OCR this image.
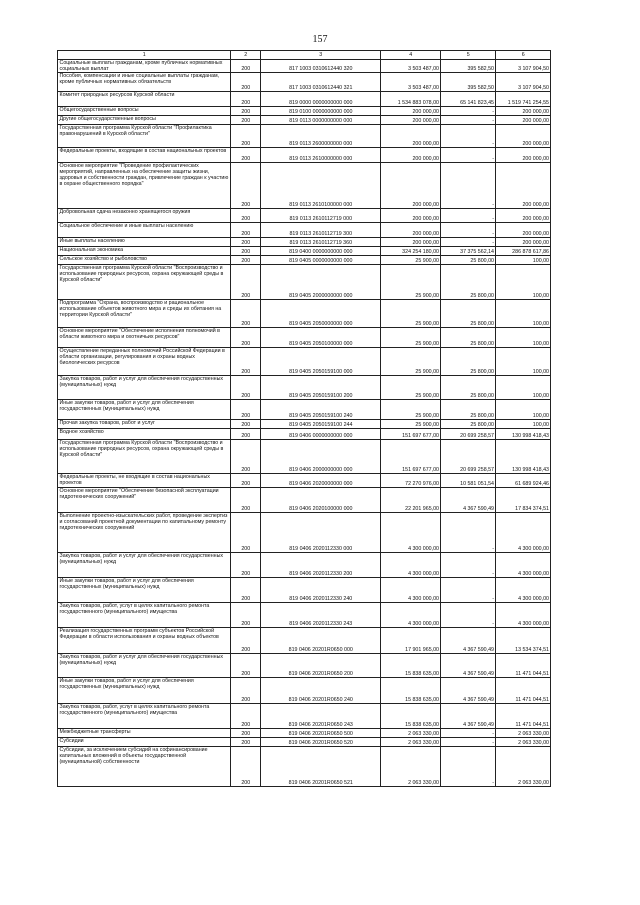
157
.	.
1	2	3	4	5	6
Социальные выплаты гражданам, кроме публичных нормативных социальных выплат	200	817 1003 0310612440 320	3 503 487,00	395 582,50	3 107 904,50
Пособия, компенсации и иные социальные выплаты гражданам, кроме публичных нормативных обязательств	200	817 1003 0310612440 321	3 503 487,00	395 582,50	3 107 904,50
Комитет природных ресурсов Курской области	200	819 0000 0000000000 000	1 534 883 078,00	65 141 823,45	1 519 741 254,55
Общегосударственные вопросы	200	819 0100 0000000000 000	200 000,00	-	200 000,00
Другие общегосударственные вопросы	200	819 0113 0000000000 000	200 000,00	-	200 000,00
Государственная программа Курской области "Профилактика правонарушений в Курской области"	200	819 0113 2600000000 000	200 000,00	-	200 000,00
Федеральные проекты, входящие в состав национальных проектов	200	819 0113 2610000000 000	200 000,00	-	200 000,00
Основное мероприятие "Проведение профилактических мероприятий, направленных на обеспечение защиты жизни, здоровья и собственности граждан, привлечение граждан к участию в охране общественного порядка"	200	819 0113 2610100000 000	200 000,00	-	200 000,00
Добровольная сдача незаконно хранящегося оружия	200	819 0113 2610112719 000	200 000,00	-	200 000,00
Социальное обеспечение и иные выплаты населению	200	819 0113 2610112719 300	200 000,00	-	200 000,00
Иные выплаты населению	200	819 0113 2610112719 360	200 000,00	-	200 000,00
Национальная экономика	200	819 0400 0000000000 000	324 254 180,00	37 375 562,14	286 878 617,86
Сельское хозяйство и рыболовство	200	819 0405 0000000000 000	25 900,00	25 800,00	100,00
Государственная программа Курской области "Воспроизводство и использование природных ресурсов, охрана окружающей среды в Курской области"	200	819 0405 2000000000 000	25 900,00	25 800,00	100,00
Подпрограмма "Охрана, воспроизводство и рациональное использование объектов животного мира и среды их обитания на территории Курской области"	200	819 0405 2050000000 000	25 900,00	25 800,00	100,00
Основное мероприятие "Обеспечение исполнения полномочий в области животного мира и охотничьих ресурсов"	200	819 0405 2050100000 000	25 900,00	25 800,00	100,00
Осуществление переданных полномочий Российской Федерации в области организации, регулирования и охраны водных биологических ресурсов	200	819 0405 2050159100 000	25 900,00	25 800,00	100,00
Закупка товаров, работ и услуг для обеспечения государственных (муниципальных) нужд	200	819 0405 2050159100 200	25 900,00	25 800,00	100,00
Иные закупки товаров, работ и услуг для обеспечения государственных (муниципальных) нужд	200	819 0405 2050159100 240	25 900,00	25 800,00	100,00
Прочая закупка товаров, работ и услуг	200	819 0405 2050159100 244	25 900,00	25 800,00	100,00
Водное хозяйство	200	819 0406 0000000000 000	151 697 677,00	20 699 258,57	130 998 418,43
Государственная программа Курской области "Воспроизводство и использование природных ресурсов, охрана окружающей среды в Курской области"	200	819 0406 2000000000 000	151 697 677,00	20 699 258,57	130 998 418,43
Федеральные проекты, не входящие в состав национальных проектов	200	819 0406 2020000000 000	72 270 976,00	10 581 051,54	61 689 924,46
Основное мероприятие "Обеспечение безопасной эксплуатации гидротехнических сооружений"	200	819 0406 2020100000 000	22 201 965,00	4 367 590,49	17 834 374,51
Выполнение проектно-изыскательских работ, проведение экспертиз и согласований проектной документации по капитальному ремонту гидротехнических сооружений	200	819 0406 2020112330 000	4 300 000,00	-	4 300 000,00
Закупка товаров, работ и услуг для обеспечения государственных (муниципальных) нужд	200	819 0406 2020112330 200	4 300 000,00	-	4 300 000,00
Иные закупки товаров, работ и услуг для обеспечения государственных (муниципальных) нужд	200	819 0406 2020112330 240	4 300 000,00	-	4 300 000,00
Закупка товаров, работ, услуг в целях капитального ремонта государственного (муниципального) имущества	200	819 0406 2020112330 243	4 300 000,00	-	4 300 000,00
Реализация государственных программ субъектов Российской Федерации в области использования и охраны водных объектов	200	819 0406 20201R0650 000	17 901 965,00	4 367 590,49	13 534 374,51
Закупка товаров, работ и услуг для обеспечения государственных (муниципальных) нужд	200	819 0406 20201R0650 200	15 838 635,00	4 367 590,49	11 471 044,51
Иные закупки товаров, работ и услуг для обеспечения государственных (муниципальных) нужд	200	819 0406 20201R0650 240	15 838 635,00	4 367 590,49	11 471 044,51
Закупка товаров, работ, услуг в целях капитального ремонта государственного (муниципального) имущества	200	819 0406 20201R0650 243	15 838 635,00	4 367 590,49	11 471 044,51
Межбюджетные трансферты	200	819 0406 20201R0650 500	2 063 330,00	-	2 063 330,00
Субсидии	200	819 0406 20201R0650 520	2 063 330,00	-	2 063 330,00
Субсидии, за исключением субсидий на софинансирование капитальных вложений в объекты государственной (муниципальной) собственности	200	819 0406 20201R0650 521	2 063 330,00	-	2 063 330,00
